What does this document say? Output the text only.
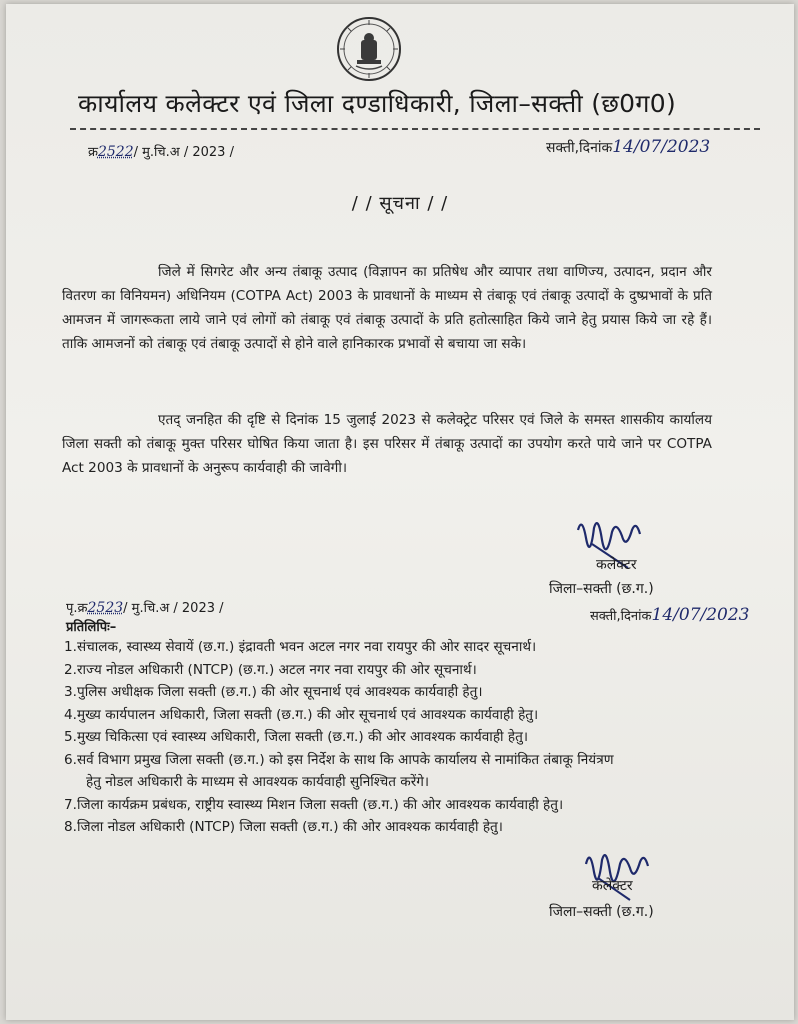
कार्यालय कलेक्टर एवं जिला दण्डाधिकारी, जिला–सक्ती (छ0ग0)
क्र2522/ मु.चि.अ / 2023 /	सक्ती,दिनांक14/07/2023
/ / सूचना / /

जिले में सिगरेट और अन्य तंबाकू उत्पाद (विज्ञापन का प्रतिषेध और व्यापार तथा वाणिज्य, उत्पादन, प्रदान और वितरण का विनियमन) अधिनियम (COTPA Act) 2003 के प्रावधानों के माध्यम से तंबाकू एवं तंबाकू उत्पादों के दुष्प्रभावों के प्रति आमजन में जागरूकता लाये जाने एवं लोगों को तंबाकू एवं तंबाकू उत्पादों के प्रति हतोत्साहित किये जाने हेतु प्रयास किये जा रहे हैं। ताकि आमजनों को तंबाकू एवं तंबाकू उत्पादों से होने वाले हानिकारक प्रभावों से बचाया जा सके।

एतद् जनहित की दृष्टि से दिनांक 15 जुलाई 2023 से कलेक्ट्रेट परिसर एवं जिले के समस्त शासकीय कार्यालय जिला सक्ती को तंबाकू मुक्त परिसर घोषित किया जाता है। इस परिसर में तंबाकू उत्पादों का उपयोग करते पाये जाने पर COTPA Act 2003 के प्रावधानों के अनुरूप कार्यवाही की जावेगी।

कलेक्टर
जिला–सक्ती (छ.ग.)
पृ.क्र2523/ मु.चि.अ / 2023 /
सक्ती,दिनांक14/07/2023
प्रतिलिपिः–
1.संचालक, स्वास्थ्य सेवायें (छ.ग.) इंद्रावती भवन अटल नगर नवा रायपुर की ओर सादर सूचनार्थ।
2.राज्य नोडल अधिकारी (NTCP) (छ.ग.) अटल नगर नवा रायपुर की ओर सूचनार्थ।
3.पुलिस अधीक्षक जिला सक्ती (छ.ग.) की ओर सूचनार्थ एवं आवश्यक कार्यवाही हेतु।
4.मुख्य कार्यपालन अधिकारी, जिला सक्ती (छ.ग.) की ओर सूचनार्थ एवं आवश्यक कार्यवाही हेतु।
5.मुख्य चिकित्सा एवं स्वास्थ्य अधिकारी, जिला सक्ती (छ.ग.) की ओर आवश्यक कार्यवाही हेतु।
6.सर्व विभाग प्रमुख जिला सक्ती (छ.ग.) को इस निर्देश के साथ कि आपके कार्यालय से नामांकित तंबाकू नियंत्रण
हेतु नोडल अधिकारी के माध्यम से आवश्यक कार्यवाही सुनिश्चित करेंगे।
7.जिला कार्यक्रम प्रबंधक, राष्ट्रीय स्वास्थ्य मिशन जिला सक्ती (छ.ग.) की ओर आवश्यक कार्यवाही हेतु।
8.जिला नोडल अधिकारी (NTCP) जिला सक्ती (छ.ग.) की ओर आवश्यक कार्यवाही हेतु।
कलेक्टर
जिला–सक्ती (छ.ग.)
